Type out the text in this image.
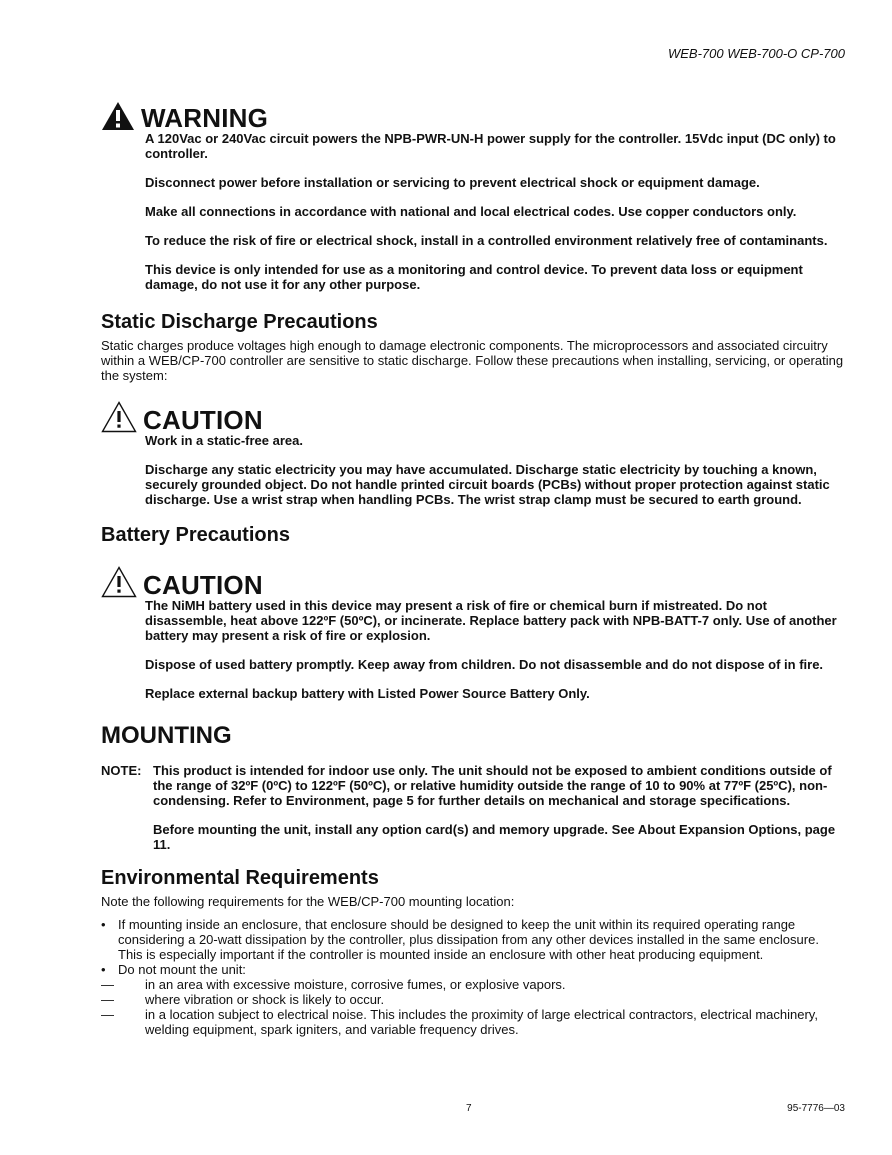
WEB-700 WEB-700-O CP-700
WARNING

A 120Vac or 240Vac circuit powers the NPB-PWR-UN-H power supply for the controller. 15Vdc input (DC only) to controller.

Disconnect power before installation or servicing to prevent electrical shock or equipment damage.

Make all connections in accordance with national and local electrical codes. Use copper conductors only.

To reduce the risk of fire or electrical shock, install in a controlled environment relatively free of contaminants.

This device is only intended for use as a monitoring and control device. To prevent data loss or equipment damage, do not use it for any other purpose.

Static Discharge Precautions

Static charges produce voltages high enough to damage electronic components. The microprocessors and associated circuitry within a WEB/CP-700 controller are sensitive to static discharge. Follow these precautions when installing, servicing, or operating the system:

CAUTION

Work in a static-free area.

Discharge any static electricity you may have accumulated. Discharge static electricity by touching a known, securely grounded object. Do not handle printed circuit boards (PCBs) without proper protection against static discharge. Use a wrist strap when handling PCBs. The wrist strap clamp must be secured to earth ground.

Battery Precautions
CAUTION

The NiMH battery used in this device may present a risk of fire or chemical burn if mistreated. Do not disassemble, heat above 122ºF (50ºC), or incinerate. Replace battery pack with NPB-BATT-7 only. Use of another battery may present a risk of fire or explosion.

Dispose of used battery promptly. Keep away from children. Do not disassemble and do not dispose of in fire.

Replace external backup battery with Listed Power Source Battery Only.

MOUNTING
NOTE: This product is intended for indoor use only. The unit should not be exposed to ambient conditions outside of the range of 32ºF (0ºC) to 122ºF (50ºC), or relative humidity outside the range of 10 to 90% at 77ºF (25ºC), non-condensing. Refer to Environment, page 5 for further details on mechanical and storage specifications.

Before mounting the unit, install any option card(s) and memory upgrade. See About Expansion Options, page 11.

Environmental Requirements

Note the following requirements for the WEB/CP-700 mounting location:

• If mounting inside an enclosure, that enclosure should be designed to keep the unit within its required operating range considering a 20-watt dissipation by the controller, plus dissipation from any other devices installed in the same enclosure. This is especially important if the controller is mounted inside an enclosure with other heat producing equipment.
• Do not mount the unit:
— in an area with excessive moisture, corrosive fumes, or explosive vapors.
— where vibration or shock is likely to occur.
— in a location subject to electrical noise. This includes the proximity of large electrical contractors, electrical machinery, welding equipment, spark igniters, and variable frequency drives.
7	95-7776—03
